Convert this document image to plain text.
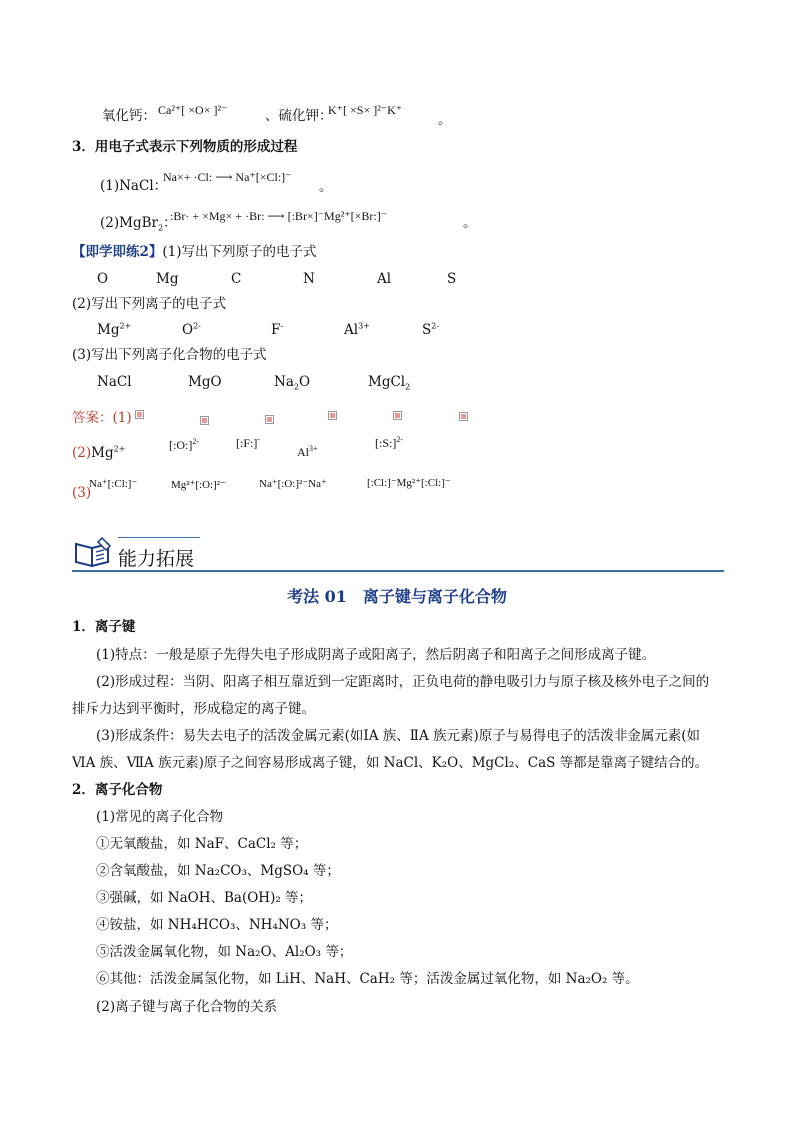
氧化钙： Ca²⁺[ ×O× ]²⁻	、硫化钾：
K⁺[ ×S× ]²⁻K⁺
。
3．用电子式表示下列物质的形成过程
(1)NaCl：
Na×+ ·Cl: ⟶ Na⁺[×Cl:]⁻
。
(2)MgBr$_2$：
:Br· + ×Mg× + ·Br: ⟶ [:Br×]⁻Mg²⁺[×Br:]⁻	。
【即学即练2】(1)写出下列原子的电子式
O	Mg	C	N	Al	S
(2)写出下列离子的电子式
$Mg^{2+}$	$O^{2-}$	F-	$Al^{3+}$	$S^{2-}$
(3)写出下列离子化合物的电子式
NaCl	MgO	$Na_2O$	MgCl$_2$
答案：(1)

$(2)Mg^{2+}$	[:O:]$^{2-}$	[:F:]-
$Al^{3+}$	[:S:]$^{2-}$
(3)
Na⁺[:Cl:]⁻	Mg²⁺[:O:]²⁻	Na⁺[:O:]²⁻Na⁺	[:Cl:]⁻Mg²⁺[:Cl:]⁻
能力拓展
考法 01　离子键与离子化合物
1．离子键
(1)特点：一般是原子先得失电子形成阴离子或阳离子，然后阴离子和阳离子之间形成离子键。
(2)形成过程：当阴、阳离子相互靠近到一定距离时，正负电荷的静电吸引力与原子核及核外电子之间的
排斥力达到平衡时，形成稳定的离子键。
(3)形成条件：易失去电子的活泼金属元素(如ⅠA 族、ⅡA 族元素)原子与易得电子的活泼非金属元素(如
ⅥA 族、ⅦA 族元素)原子之间容易形成离子键，如 NaCl、K₂O、MgCl₂、CaS 等都是靠离子键结合的。
2．离子化合物
(1)常见的离子化合物
①无氧酸盐，如 NaF、CaCl₂ 等；
②含氧酸盐，如 Na₂CO₃、MgSO₄ 等；
③强碱，如 NaOH、Ba(OH)₂ 等；
④铵盐，如 NH₄HCO₃、NH₄NO₃ 等；
⑤活泼金属氧化物，如 Na₂O、Al₂O₃ 等；
⑥其他：活泼金属氢化物，如 LiH、NaH、CaH₂ 等；活泼金属过氧化物，如 Na₂O₂ 等。
(2)离子键与离子化合物的关系
